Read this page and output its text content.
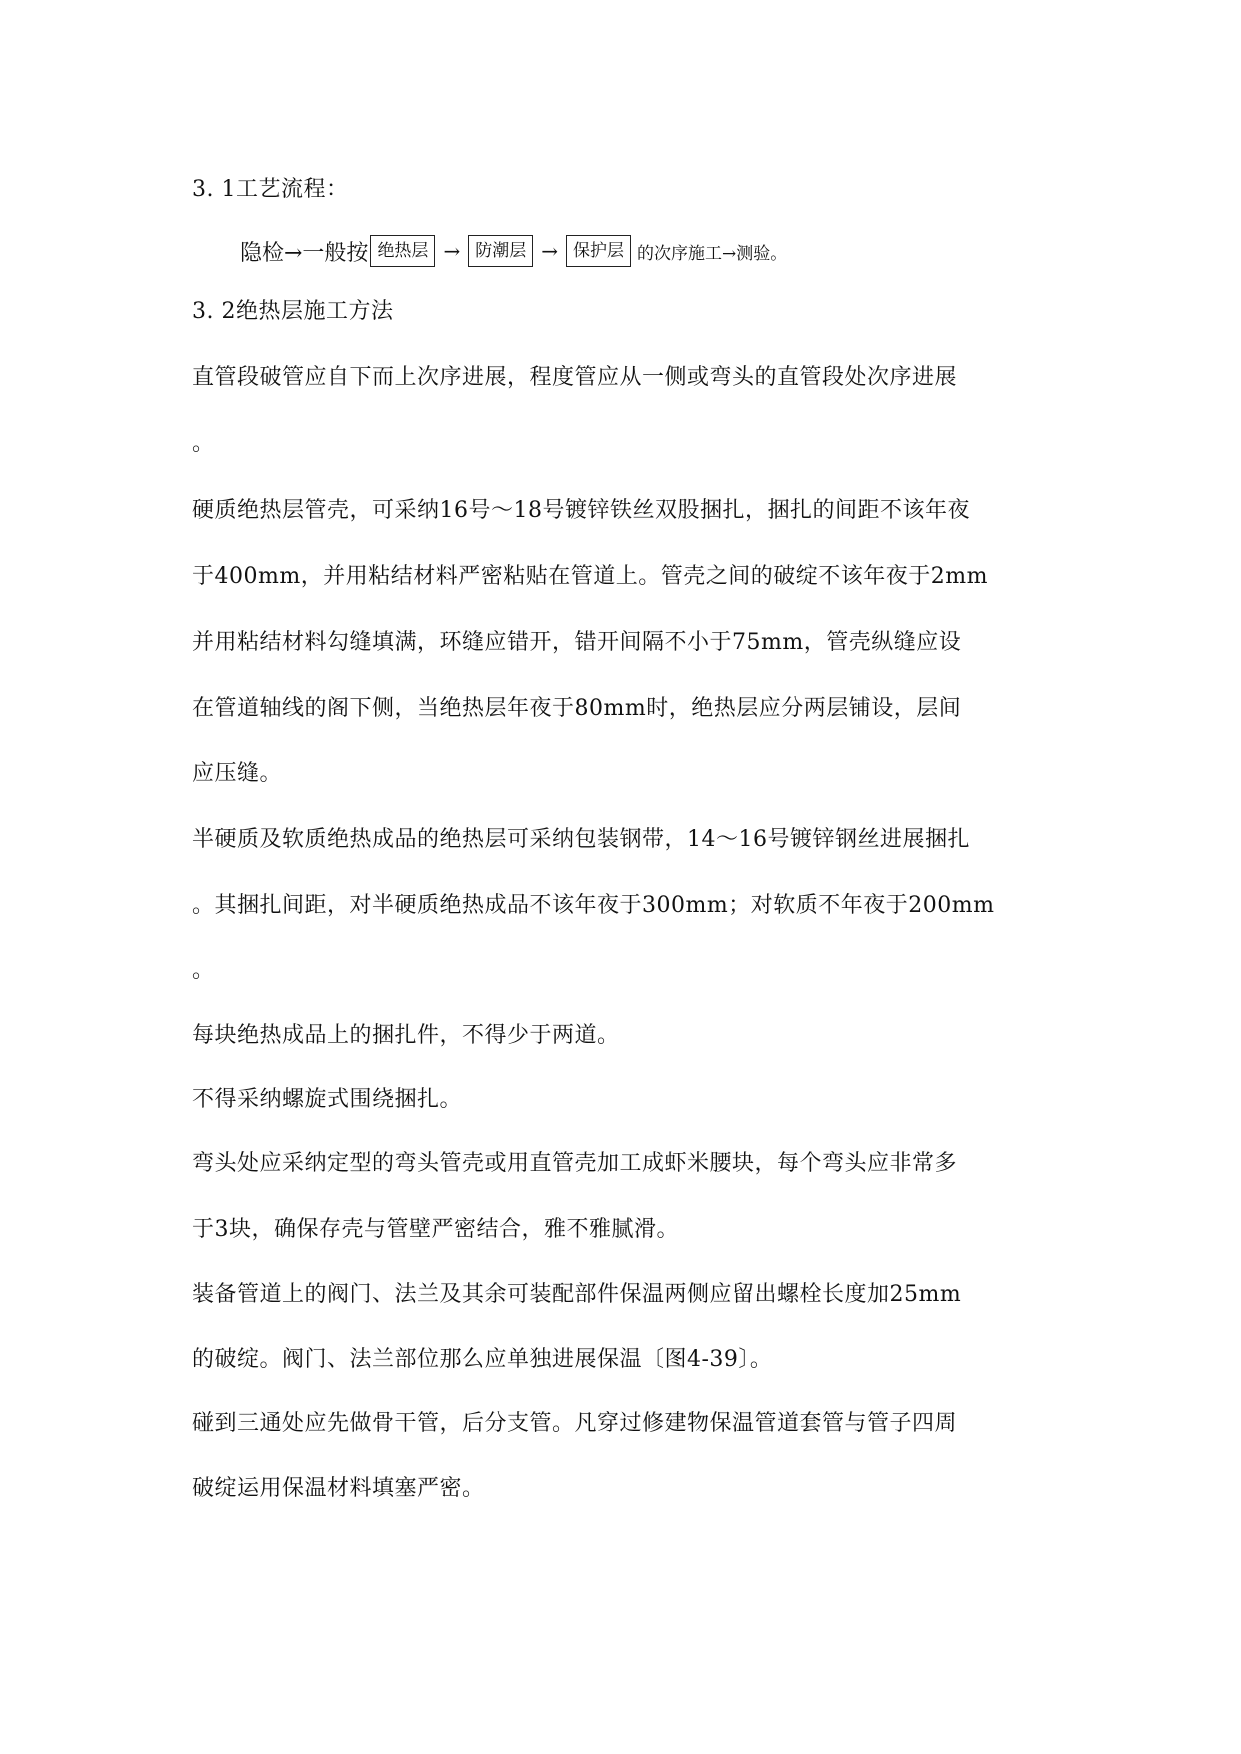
3. 1工艺流程：
隐检→一般按 绝热层 → 防潮层 → 保护层 的次序施工→测验。
3. 2绝热层施工方法
直管段破管应自下而上次序进展，程度管应从一侧或弯头的直管段处次序进展
。
硬质绝热层管壳，可采纳16号～18号镀锌铁丝双股捆扎，捆扎的间距不该年夜
于400mm，并用粘结材料严密粘贴在管道上。管壳之间的破绽不该年夜于2mm
并用粘结材料勾缝填满，环缝应错开，错开间隔不小于75mm，管壳纵缝应设
在管道轴线的阁下侧，当绝热层年夜于80mm时，绝热层应分两层铺设，层间
应压缝。
半硬质及软质绝热成品的绝热层可采纳包装钢带，14～16号镀锌钢丝进展捆扎
。其捆扎间距，对半硬质绝热成品不该年夜于300mm；对软质不年夜于200mm
。
每块绝热成品上的捆扎件，不得少于两道。
不得采纳螺旋式围绕捆扎。
弯头处应采纳定型的弯头管壳或用直管壳加工成虾米腰块，每个弯头应非常多
于3块，确保存壳与管壁严密结合，雅不雅腻滑。
装备管道上的阀门、法兰及其余可装配部件保温两侧应留出螺栓长度加25mm
的破绽。阀门、法兰部位那么应单独进展保温〔图4-39〕。
碰到三通处应先做骨干管，后分支管。凡穿过修建物保温管道套管与管子四周
破绽运用保温材料填塞严密。
